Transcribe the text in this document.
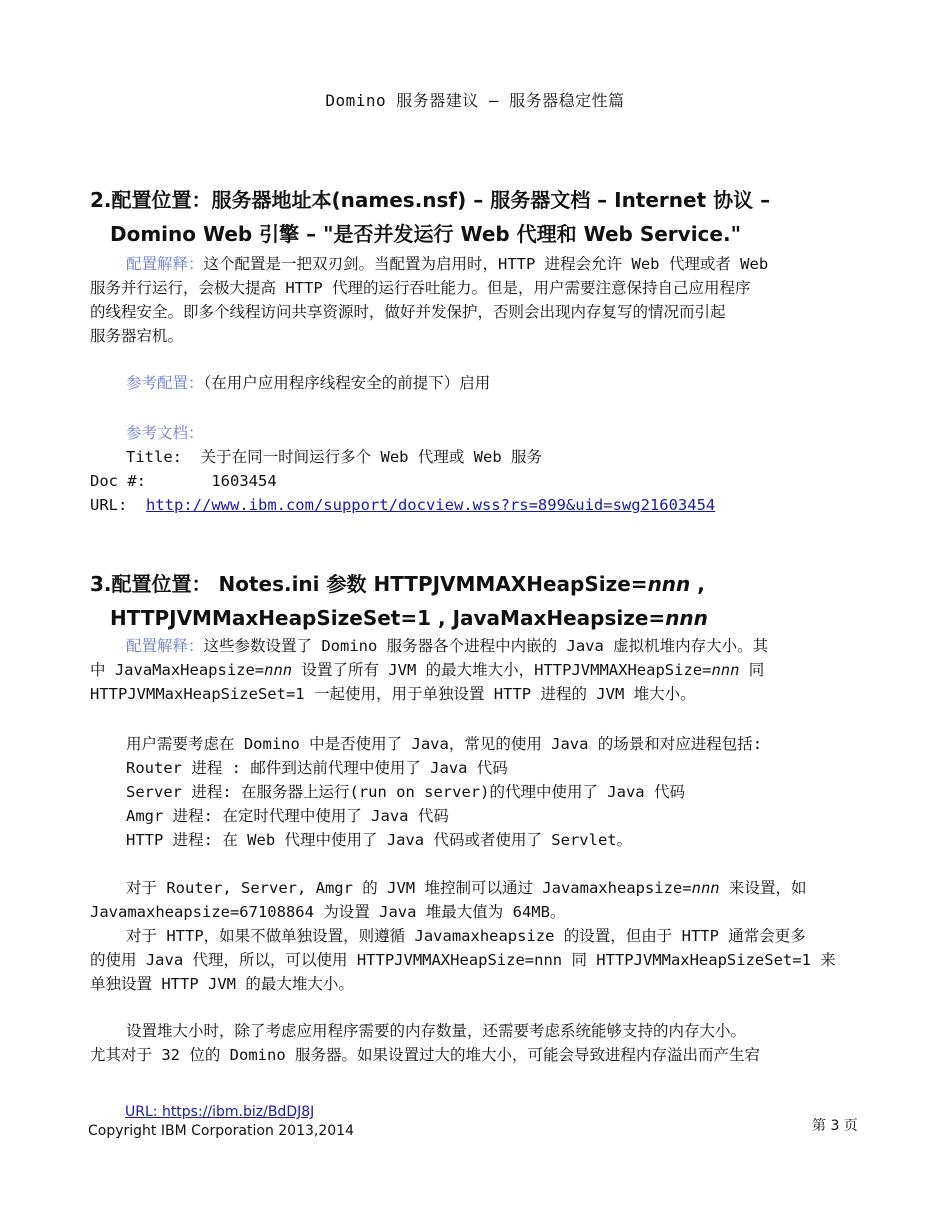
Domino 服务器建议 – 服务器稳定性篇
2.配置位置：服务器地址本(names.nsf) – 服务器文档 – Internet 协议 –
Domino Web 引擎 – "是否并发运行 Web 代理和 Web Service."
配置解释：这个配置是一把双刃剑。当配置为启用时，HTTP 进程会允许 Web 代理或者 Web
服务并行运行，会极大提高 HTTP 代理的运行吞吐能力。但是，用户需要注意保持自己应用程序
的线程安全。即多个线程访问共享资源时，做好并发保护，否则会出现内存复写的情况而引起
服务器宕机。
参考配置：（在用户应用程序线程安全的前提下）启用
参考文档：
Title: 关于在同一时间运行多个 Web 代理或 Web 服务
Doc #:	1603454
URL: http://www.ibm.com/support/docview.wss?rs=899&uid=swg21603454
3.配置位置： Notes.ini 参数 HTTPJVMMAXHeapSize=nnn ,
HTTPJVMMaxHeapSizeSet=1 , JavaMaxHeapsize=nnn
配置解释：这些参数设置了 Domino 服务器各个进程中内嵌的 Java 虚拟机堆内存大小。其
中 JavaMaxHeapsize=nnn 设置了所有 JVM 的最大堆大小，HTTPJVMMAXHeapSize=nnn 同
HTTPJVMMaxHeapSizeSet=1 一起使用，用于单独设置 HTTP 进程的 JVM 堆大小。
用户需要考虑在 Domino 中是否使用了 Java，常见的使用 Java 的场景和对应进程包括:
Router 进程 : 邮件到达前代理中使用了 Java 代码
Server 进程: 在服务器上运行(run on server)的代理中使用了 Java 代码
Amgr 进程: 在定时代理中使用了 Java 代码
HTTP 进程: 在 Web 代理中使用了 Java 代码或者使用了 Servlet。
对于 Router, Server, Amgr 的 JVM 堆控制可以通过 Javamaxheapsize=nnn 来设置，如
Javamaxheapsize=67108864 为设置 Java 堆最大值为 64MB。
对于 HTTP，如果不做单独设置，则遵循 Javamaxheapsize 的设置，但由于 HTTP 通常会更多
的使用 Java 代理，所以，可以使用 HTTPJVMMAXHeapSize=nnn 同 HTTPJVMMaxHeapSizeSet=1 来
单独设置 HTTP JVM 的最大堆大小。
设置堆大小时，除了考虑应用程序需要的内存数量，还需要考虑系统能够支持的内存大小。
尤其对于 32 位的 Domino 服务器。如果设置过大的堆大小，可能会导致进程内存溢出而产生宕
URL: https://ibm.biz/BdDJ8J
Copyright IBM Corporation 2013,2014	第 3 页
